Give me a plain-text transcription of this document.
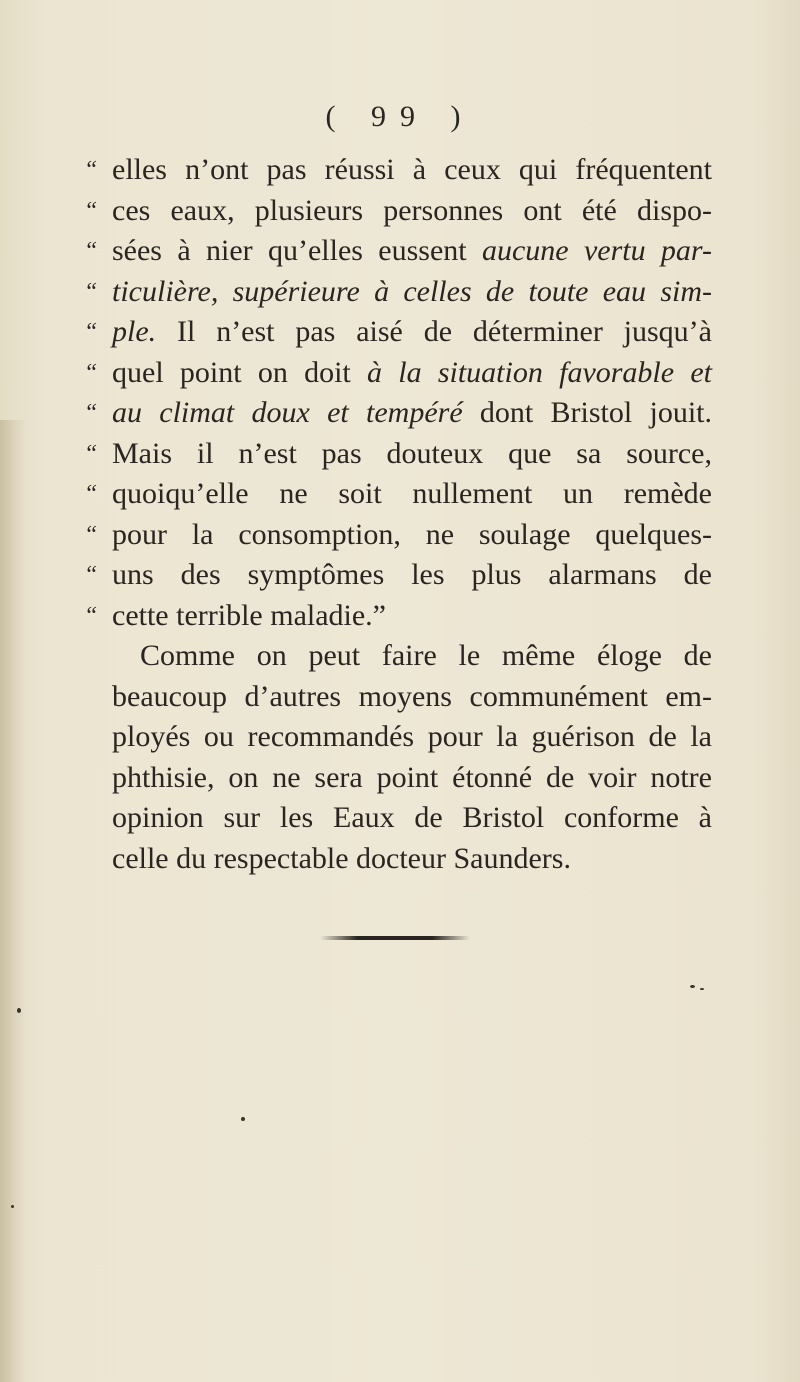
( 99 )
“ elles n’ont pas réussi à ceux qui fréquentent
“ ces eaux, plusieurs personnes ont été dispo-
“ sées à nier qu’elles eussent aucune vertu par-
“ ticulière, supérieure à celles de toute eau sim-
“ ple. Il n’est pas aisé de déterminer jusqu’à
“ quel point on doit à la situation favorable et
“ au climat doux et tempéré dont Bristol jouit.
“ Mais il n’est pas douteux que sa source,
“ quoiqu’elle ne soit nullement un remède
“ pour la consomption, ne soulage quelques-
“ uns des symptômes les plus alarmans de
“ cette terrible maladie.”
Comme on peut faire le même éloge de
beaucoup d’autres moyens communément em-
ployés ou recommandés pour la guérison de la
phthisie, on ne sera point étonné de voir notre
opinion sur les Eaux de Bristol conforme à
celle du respectable docteur Saunders.
